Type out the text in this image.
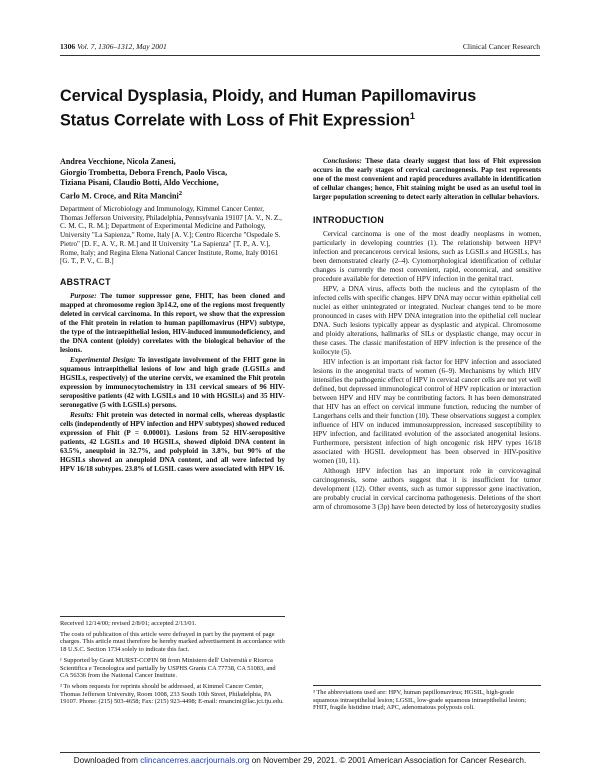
1306 Vol. 7, 1306–1312, May 2001	Clinical Cancer Research
Cervical Dysplasia, Ploidy, and Human Papillomavirus Status Correlate with Loss of Fhit Expression$^1$
Andrea Vecchione, Nicola Zanesi,
Giorgio Trombetta, Debora French, Paolo Visca,
Tiziana Pisani, Claudio Botti, Aldo Vecchione,
Carlo M. Croce, and Rita Mancini$^2$
Department of Microbiology and Immunology, Kimmel Cancer Center, Thomas Jefferson University, Philadelphia, Pennsylvania 19107 [A. V., N. Z., C. M. C., R. M.]; Department of Experimental Medicine and Pathology, University "La Sapienza," Rome, Italy [A. V.]; Centro Ricerche "Ospedale S. Pietro" [D. F., A. V., R. M.] and II University "La Sapienza" [T. P., A. V.], Rome, Italy; and Regina Elena National Cancer Institute, Rome, Italy 00161 [G. T., P. V., C. B.]
ABSTRACT

Purpose: The tumor suppressor gene, FHIT, has been cloned and mapped at chromosome region 3p14.2, one of the regions most frequently deleted in cervical carcinoma. In this report, we show that the expression of the Fhit protein in relation to human papillomavirus (HPV) subtype, the type of the intraepithelial lesion, HIV-induced immunodeficiency, and the DNA content (ploidy) correlates with the biological behavior of the lesions.

Experimental Design: To investigate involvement of the FHIT gene in squamous intraepithelial lesions of low and high grade (LGSILs and HGSILs, respectively) of the uterine cervix, we examined the Fhit protein expression by immunocytochemistry in 131 cervical smears of 96 HIV-seropositive patients (42 with LGSILs and 10 with HGSILs) and 35 HIV-seronegative (5 with LGSILs) persons.

Results: Fhit protein was detected in normal cells, whereas dysplastic cells (independently of HPV infection and HPV subtypes) showed reduced expression of Fhit (P = 0.00001). Lesions from 52 HIV-seropositive patients, 42 LGSILs and 10 HGSILs, showed diploid DNA content in 63.5%, aneuploid in 32.7%, and polyploid in 3.8%, but 90% of the HGSILs showed an aneuploid DNA content, and all were infected by HPV 16/18 subtypes. 23.8% of LGSIL cases were associated with HPV 16.

Conclusions: These data clearly suggest that loss of Fhit expression occurs in the early stages of cervical carcinogenesis. Pap test represents one of the most convenient and rapid procedures available in identification of cellular changes; hence, Fhit staining might be used as an useful tool in larger population screening to detect early alteration in cellular behaviors.

INTRODUCTION

Cervical carcinoma is one of the most deadly neoplasms in women, particularly in developing countries (1). The relationship between HPV³ infection and precancerous cervical lesions, such as LGSILs and HGSILs, has been demonstrated clearly (2–4). Cytomorphological identification of cellular changes is currently the most convenient, rapid, economical, and sensitive procedure available for detection of HPV infection in the genital tract.

HPV, a DNA virus, affects both the nucleus and the cytoplasm of the infected cells with specific changes. HPV DNA may occur within epithelial cell nuclei as either unintegrated or integrated. Nuclear changes tend to be more pronounced in cases with HPV DNA integration into the epithelial cell nuclear DNA. Such lesions typically appear as dysplastic and atypical. Chromosome and ploidy alterations, hallmarks of SILs or dysplastic change, may occur in these cases. The classic manifestation of HPV infection is the presence of the koilocyte (5).

HIV infection is an important risk factor for HPV infection and associated lesions in the anogenital tracts of women (6–9). Mechanisms by which HIV intensifies the pathogenic effect of HPV in cervical cancer cells are not yet well defined, but depressed immunological control of HPV replication or interaction between HPV and HIV may be contributing factors. It has been demonstrated that HIV has an effect on cervical immune function, reducing the number of Langerhans cells and their function (10). These observations suggest a complex influence of HIV on induced immunosuppression, increased susceptibility to HPV infection, and facilitated evolution of the associated anogenital lesions. Furthermore, persistent infection of high oncogenic risk HPV types 16/18 associated with HGSIL development has been observed in HIV-positive women (10, 11).

Although HPV infection has an important role in cervicovaginal carcinogenesis, some authors suggest that it is insufficient for tumor development (12). Other events, such as tumor suppressor gene inactivation, are probably crucial in cervical carcinoma pathogenesis. Deletions of the short arm of chromosome 3 (3p) have been detected by loss of heterozygosity studies

Received 12/14/00; revised 2/8/01; accepted 2/13/01.

The costs of publication of this article were defrayed in part by the payment of page charges. This article must therefore be hereby marked advertisement in accordance with 18 U.S.C. Section 1734 solely to indicate this fact.

¹ Supported by Grant MURST-COFIN 98 from Ministero dell' Università e Ricerca Scientifica e Tecnologica and partially by USPHS Grants CA 77738, CA 51083, and CA 56336 from the National Cancer Institute.

² To whom requests for reprints should be addressed, at Kimmel Cancer Center, Thomas Jefferson University, Room 1008, 233 South 10th Street, Philadelphia, PA 19107. Phone: (215) 503-4658; Fax: (215) 923-4498; E-mail: rmancini@lac.jci.tju.edu.

³ The abbreviations used are: HPV, human papillomavirus; HGSIL, high-grade squamous intraepithelial lesion; LGSIL, low-grade squamous intraepithelial lesion; FHIT, fragile histidine triad; APC, adenomatous polyposis coli.

Downloaded from clincancerres.aacrjournals.org on November 29, 2021. © 2001 American Association for Cancer Research.
